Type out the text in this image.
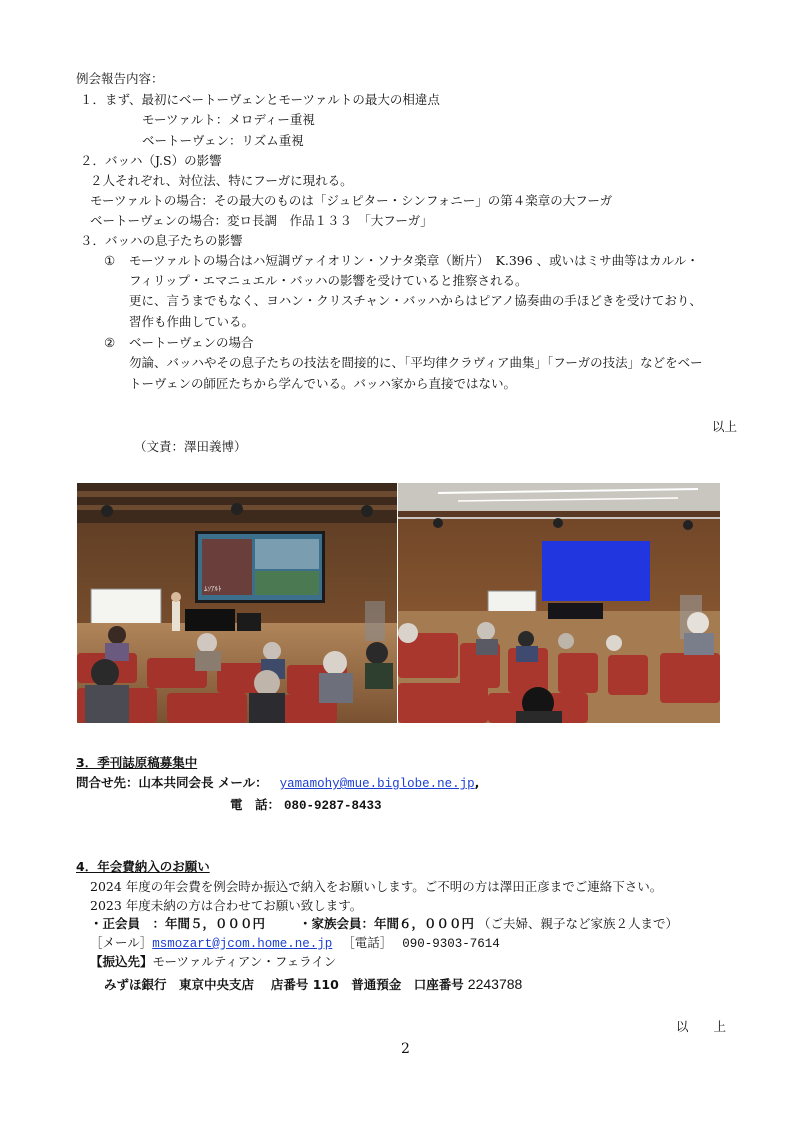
例会報告内容：
１．まず、最初にベートーヴェンとモーツァルトの最大の相違点
モーツァルト：メロディー重視
ベートーヴェン：リズム重視
２．バッハ（J.S）の影響
２人それぞれ、対位法、特にフーガに現れる。
モーツァルトの場合：その最大のものは「ジュピター・シンフォニー」の第４楽章の大フーガ
ベートーヴェンの場合：変ロ長調　作品１３３　「大フーガ」
３．バッハの息子たちの影響
① モーツァルトの場合はハ短調ヴァイオリン・ソナタ楽章（断片）　K.396 、或いはミサ曲等はカルル・
フィリップ・エマニュエル・バッハの影響を受けていると推察される。
更に、言うまでもなく、ヨハン・クリスチャン・バッハからはピアノ協奏曲の手ほどきを受けており、
習作も作曲している。
② ベートーヴェンの場合
勿論、バッハやその息子たちの技法を間接的に、「平均律クラヴィア曲集」「フーガの技法」などをベー
トーヴェンの師匠たちから学んでいる。バッハ家から直接ではない。
以上
（文責：澤田義博）
ﾑｿｱﾙﾄ
3．季刊誌原稿募集中
問合せ先：山本共同会長 メール： yamamohy@mue.biglobe.ne.jp,
電　話： 080-9287-8433
4．年会費納入のお願い
2024 年度の年会費を例会時か振込で納入をお願いします。ご不明の方は澤田正彦までご連絡下さい。
2023 年度未納の方は合わせてお願い致します。
・正会員　：年間５，０００円	・家族会員：年間６，０００円 （ご夫婦、親子など家族２人まで）
［メール］msmozart@jcom.home.ne.jp ［電話］ 090-9303-7614
【振込先】モーツァルティアン・フェライン
みずほ銀行　東京中央支店　 店番号 110　普通預金　口座番号 2243788
以　　上
2
